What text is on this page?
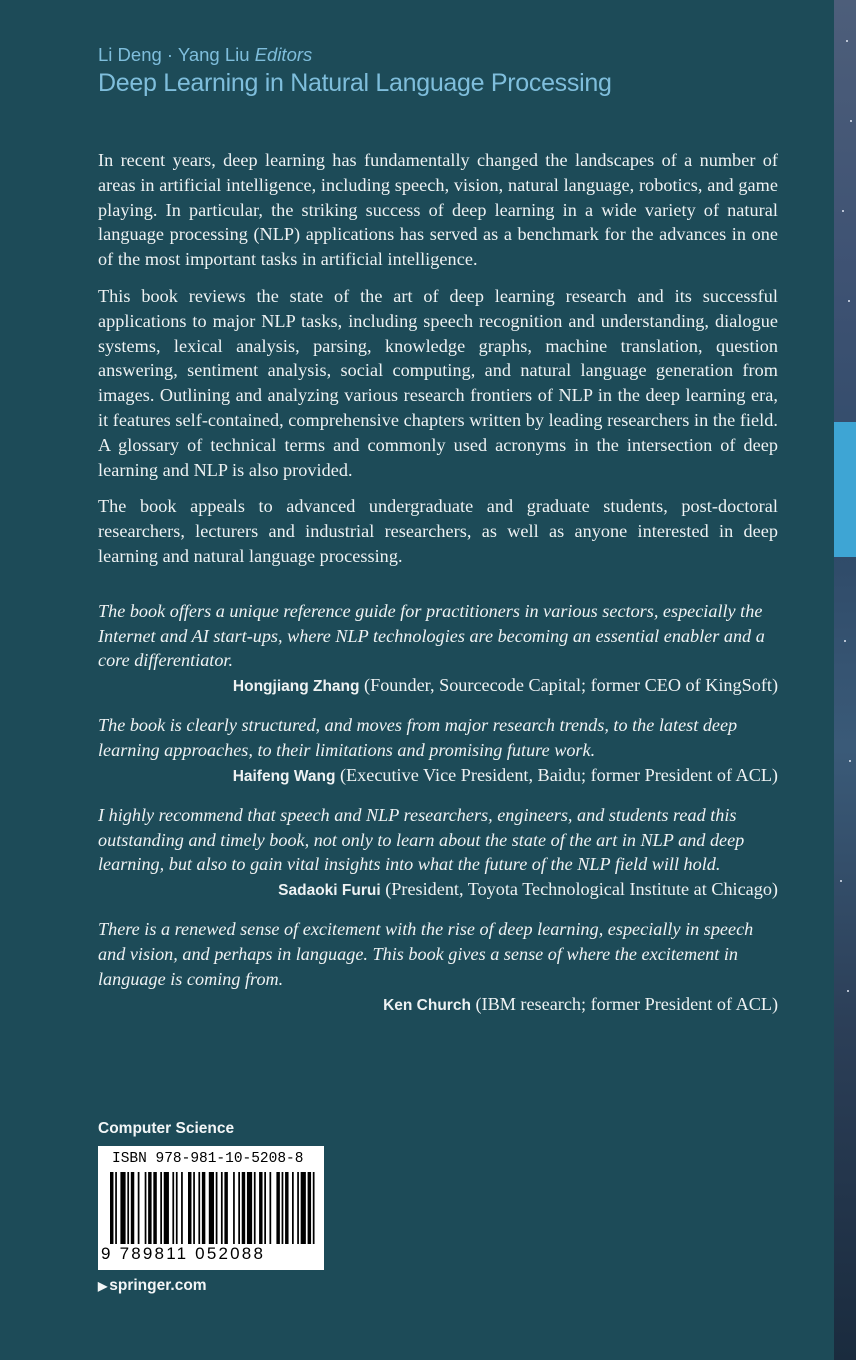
Li Deng · Yang Liu Editors
Deep Learning in Natural Language Processing

In recent years, deep learning has fundamentally changed the landscapes of a number of areas in artificial intelligence, including speech, vision, natural language, robotics, and game playing. In particular, the striking success of deep learning in a wide variety of natural language processing (NLP) applications has served as a benchmark for the advances in one of the most important tasks in artificial intelligence.

This book reviews the state of the art of deep learning research and its successful applications to major NLP tasks, including speech recognition and understanding, dialogue systems, lexical analysis, parsing, knowledge graphs, machine translation, question answering, sentiment analysis, social computing, and natural language generation from images. Outlining and analyzing various research frontiers of NLP in the deep learning era, it features self-contained, comprehensive chapters written by leading researchers in the field. A glossary of technical terms and commonly used acronyms in the intersection of deep learning and NLP is also provided.

The book appeals to advanced undergraduate and graduate students, post-doctoral researchers, lecturers and industrial researchers, as well as anyone interested in deep learning and natural language processing.

The book offers a unique reference guide for practitioners in various sectors, especially the Internet and AI start-ups, where NLP technologies are becoming an essential enabler and a core differentiator.
Hongjiang Zhang (Founder, Sourcecode Capital; former CEO of KingSoft)
The book is clearly structured, and moves from major research trends, to the latest deep learning approaches, to their limitations and promising future work.
Haifeng Wang (Executive Vice President, Baidu; former President of ACL)
I highly recommend that speech and NLP researchers, engineers, and students read this outstanding and timely book, not only to learn about the state of the art in NLP and deep learning, but also to gain vital insights into what the future of the NLP field will hold.
Sadaoki Furui (President, Toyota Technological Institute at Chicago)
There is a renewed sense of excitement with the rise of deep learning, especially in speech and vision, and perhaps in language. This book gives a sense of where the excitement in language is coming from.
Ken Church (IBM research; former President of ACL)
Computer Science
ISBN 978-981-10-5208-8
9 789811 052088
▶ springer.com
